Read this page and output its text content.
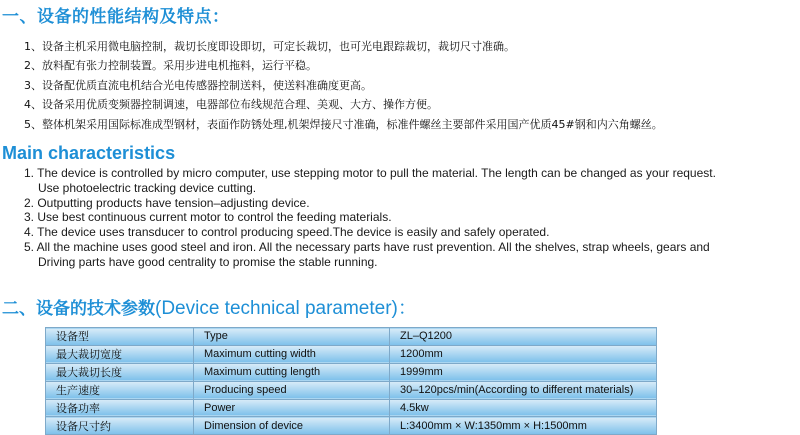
一、设备的性能结构及特点：
1、设备主机采用微电脑控制，裁切长度即设即切，可定长裁切，也可光电跟踪裁切，裁切尺寸准确。
2、放料配有张力控制装置。采用步进电机拖料，运行平稳。
3、设备配优质直流电机结合光电传感器控制送料，使送料准确度更高。
4、设备采用优质变频器控制调速，电器部位布线规范合理、美观、大方、操作方便。
5、整体机架采用国际标准成型钢材，表面作防锈处理,机架焊接尺寸准确，标准件螺丝主要部件采用国产优质45#钢和内六角螺丝。
Main characteristics
1. The device is controlled by micro computer, use stepping motor to pull the material. The length can be changed as your request.
Use photoelectric tracking device cutting.
2. Outputting products have tension–adjusting device.
3. Use best continuous current motor to control the feeding materials.
4. The device uses transducer to control producing speed.The device is easily and safely operated.
5. All the machine uses good steel and iron. All the necessary parts have rust prevention. All the shelves, strap wheels, gears and
Driving parts have good centrality to promise the stable running.
二、设备的技术参数(Device technical parameter)：
设备型	Type	ZL–Q1200
最大裁切宽度	Maximum cutting width	1200mm
最大裁切长度	Maximum cutting length	1999mm
生产速度	Producing speed	30–120pcs/min(According to different materials)
设备功率	Power	4.5kw
设备尺寸约	Dimension of device	L:3400mm × W:1350mm × H:1500mm
